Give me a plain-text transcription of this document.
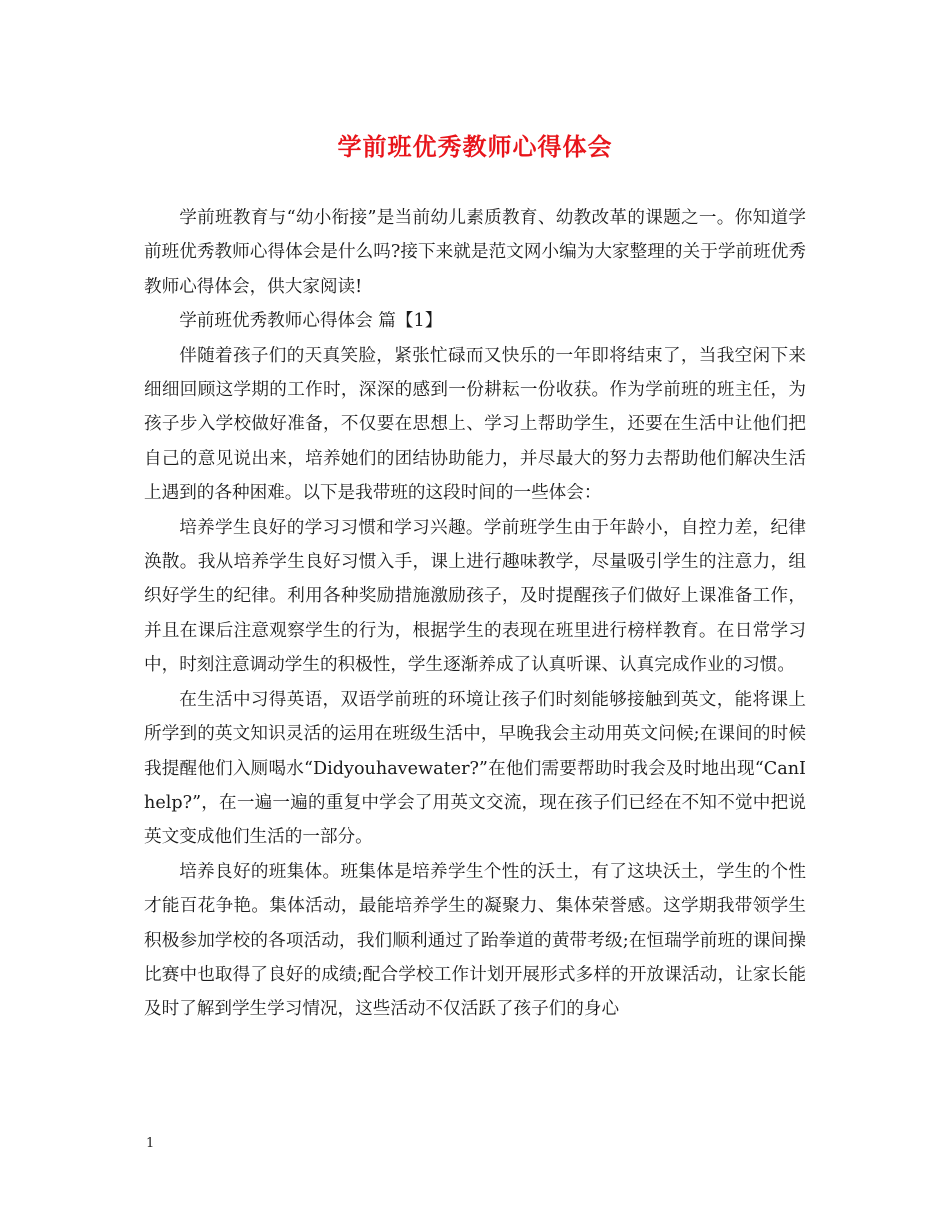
学前班优秀教师心得体会

学前班教育与“幼小衔接”是当前幼儿素质教育、幼教改革的课题之一。你知道学前班优秀教师心得体会是什么吗?接下来就是范文网小编为大家整理的关于学前班优秀教师心得体会，供大家阅读!

学前班优秀教师心得体会 篇【1】

伴随着孩子们的天真笑脸，紧张忙碌而又快乐的一年即将结束了，当我空闲下来细细回顾这学期的工作时，深深的感到一份耕耘一份收获。作为学前班的班主任，为孩子步入学校做好准备，不仅要在思想上、学习上帮助学生，还要在生活中让他们把自己的意见说出来，培养她们的团结协助能力，并尽最大的努力去帮助他们解决生活上遇到的各种困难。以下是我带班的这段时间的一些体会：

培养学生良好的学习习惯和学习兴趣。学前班学生由于年龄小，自控力差，纪律涣散。我从培养学生良好习惯入手，课上进行趣味教学，尽量吸引学生的注意力，组织好学生的纪律。利用各种奖励措施激励孩子，及时提醒孩子们做好上课准备工作，并且在课后注意观察学生的行为，根据学生的表现在班里进行榜样教育。在日常学习中，时刻注意调动学生的积极性，学生逐渐养成了认真听课、认真完成作业的习惯。

在生活中习得英语，双语学前班的环境让孩子们时刻能够接触到英文，能将课上所学到的英文知识灵活的运用在班级生活中，早晚我会主动用英文问候;在课间的时候我提醒他们入厕喝水“Didyouhavewater?”在他们需要帮助时我会及时地出现“CanIhelp?”，在一遍一遍的重复中学会了用英文交流，现在孩子们已经在不知不觉中把说英文变成他们生活的一部分。

培养良好的班集体。班集体是培养学生个性的沃土，有了这块沃土，学生的个性才能百花争艳。集体活动，最能培养学生的凝聚力、集体荣誉感。这学期我带领学生积极参加学校的各项活动，我们顺利通过了跆拳道的黄带考级;在恒瑞学前班的课间操比赛中也取得了良好的成绩;配合学校工作计划开展形式多样的开放课活动，让家长能及时了解到学生学习情况，这些活动不仅活跃了孩子们的身心

1
